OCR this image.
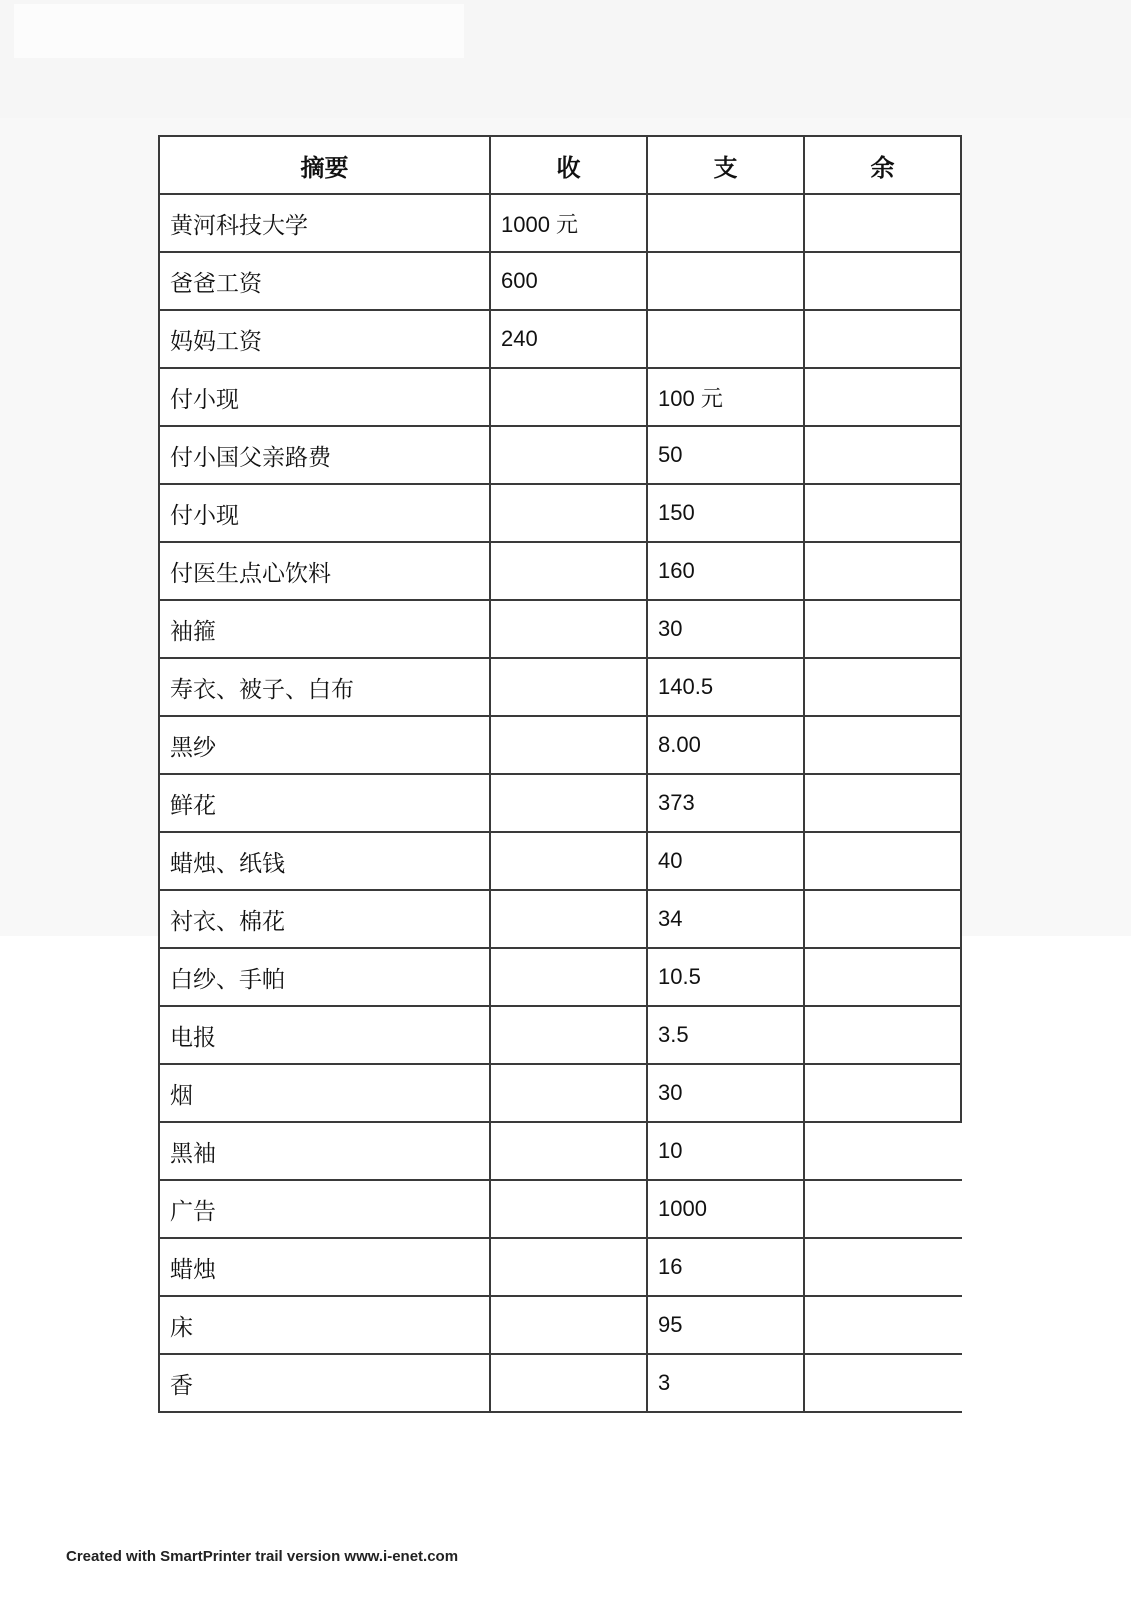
摘要	收	支	余
黄河科技大学	1000 元		
爸爸工资	600		
妈妈工资	240		
付小现		100 元	
付小国父亲路费		50	
付小现		150	
付医生点心饮料		160	
袖箍		30	
寿衣、被子、白布		140.5	
黑纱		8.00	
鲜花		373	
蜡烛、纸钱		40	
衬衣、棉花		34	
白纱、手帕		10.5	
电报		3.5	
烟		30	
黑袖		10	
广告		1000	
蜡烛		16	
床		95	
香		3	
Created with SmartPrinter trail version www.i-enet.com
